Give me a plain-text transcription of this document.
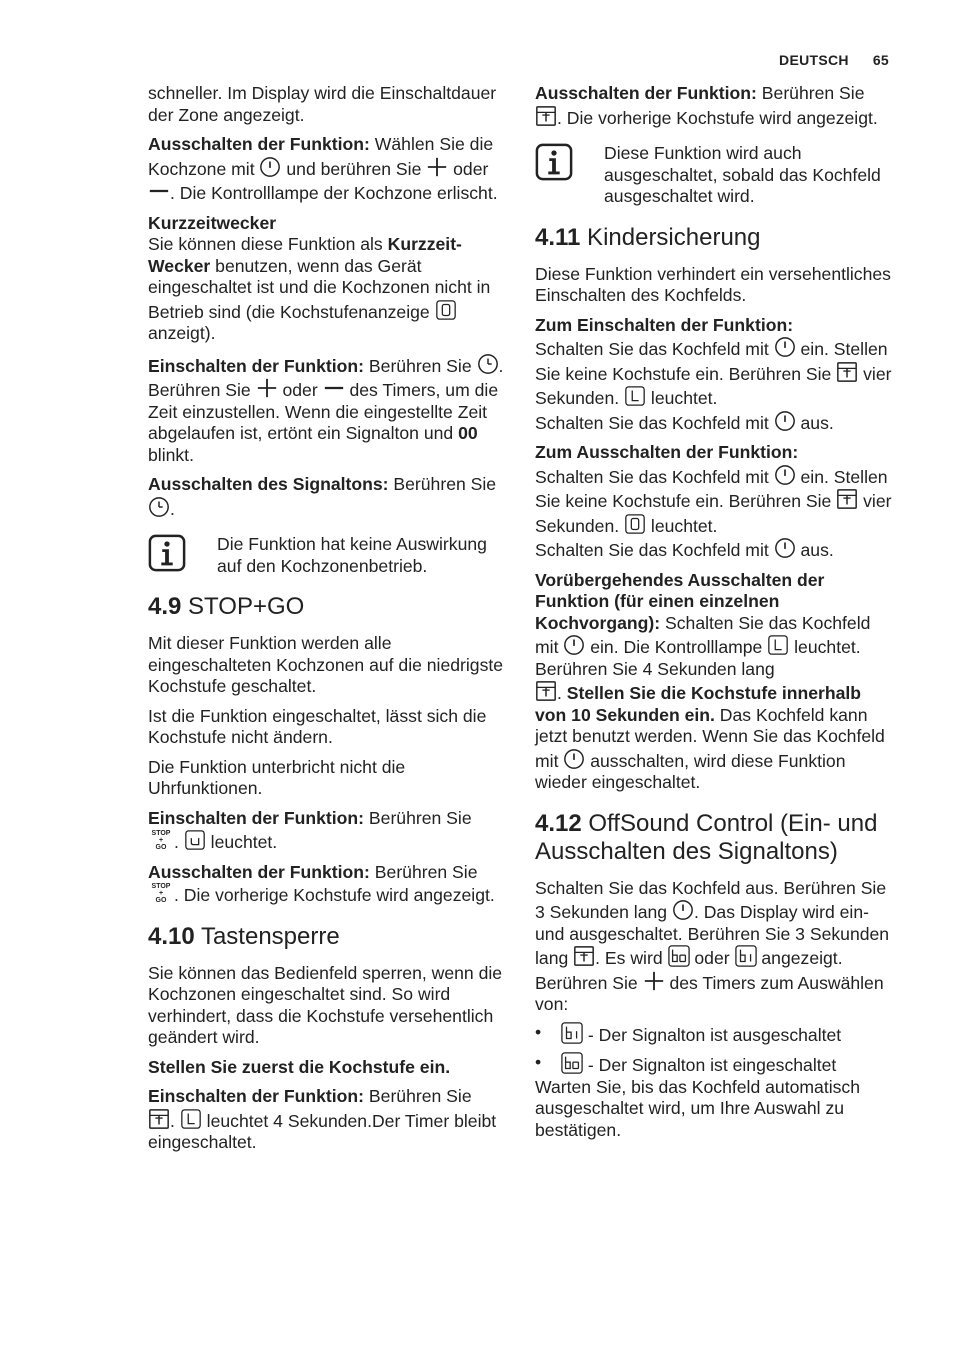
DEUTSCH 65

schneller. Im Display wird die Einschaltdauer der Zone angezeigt.

Ausschalten der Funktion: Wählen Sie die Kochzone mit
und berühren Sie
oder
. Die Kontrolllampe der Kochzone erlischt.

Kurzzeitwecker
Sie können diese Funktion als Kurzzeit-Wecker benutzen, wenn das Gerät eingeschaltet ist und die Kochzonen nicht in Betrieb sind (die Kochstufenanzeige
anzeigt).

Einschalten der Funktion: Berühren Sie
. Berühren Sie
oder
des Timers, um die Zeit einzustellen. Wenn die eingestellte Zeit abgelaufen ist, ertönt ein Signalton und 00 blinkt.

Ausschalten des Signaltons: Berühren Sie
.

Die Funktion hat keine Auswirkung auf den Kochzonenbetrieb.
4.9 STOP+GO

Mit dieser Funktion werden alle eingeschalteten Kochzonen auf die niedrigste Kochstufe geschaltet.

Ist die Funktion eingeschaltet, lässt sich die Kochstufe nicht ändern.

Die Funktion unterbricht nicht die Uhrfunktionen.

Einschalten der Funktion: Berühren Sie
STOP
+
GO .
leuchtet.

Ausschalten der Funktion: Berühren Sie
STOP
+
GO . Die vorherige Kochstufe wird angezeigt.

4.10 Tastensperre

Sie können das Bedienfeld sperren, wenn die Kochzonen eingeschaltet sind. So wird verhindert, dass die Kochstufe versehentlich geändert wird.

Stellen Sie zuerst die Kochstufe ein.

Einschalten der Funktion: Berühren Sie

.
leuchtet 4 Sekunden.Der Timer bleibt eingeschaltet.

Ausschalten der Funktion: Berühren Sie

. Die vorherige Kochstufe wird angezeigt.

Diese Funktion wird auch ausgeschaltet, sobald das Kochfeld ausgeschaltet wird.
4.11 Kindersicherung

Diese Funktion verhindert ein versehentliches Einschalten des Kochfelds.

Zum Einschalten der Funktion:
Schalten Sie das Kochfeld mit
ein. Stellen Sie keine Kochstufe ein. Berühren Sie
vier Sekunden.
leuchtet.
Schalten Sie das Kochfeld mit
aus.

Zum Ausschalten der Funktion:
Schalten Sie das Kochfeld mit
ein. Stellen Sie keine Kochstufe ein. Berühren Sie
vier Sekunden.
leuchtet.
Schalten Sie das Kochfeld mit
aus.

Vorübergehendes Ausschalten der Funktion (für einen einzelnen Kochvorgang): Schalten Sie das Kochfeld mit
ein. Die Kontrolllampe
leuchtet. Berühren Sie 4 Sekunden lang

. Stellen Sie die Kochstufe innerhalb von 10 Sekunden ein. Das Kochfeld kann jetzt benutzt werden. Wenn Sie das Kochfeld mit
ausschalten, wird diese Funktion wieder eingeschaltet.

4.12 OffSound Control (Ein- und Ausschalten des Signaltons)

Schalten Sie das Kochfeld aus. Berühren Sie 3 Sekunden lang
. Das Display wird ein- und ausgeschaltet. Berühren Sie 3 Sekunden lang
. Es wird
oder
angezeigt. Berühren Sie
des Timers zum Auswählen von:

• - Der Signalton ist ausgeschaltet
• - Der Signalton ist eingeschaltet

Warten Sie, bis das Kochfeld automatisch ausgeschaltet wird, um Ihre Auswahl zu bestätigen.
